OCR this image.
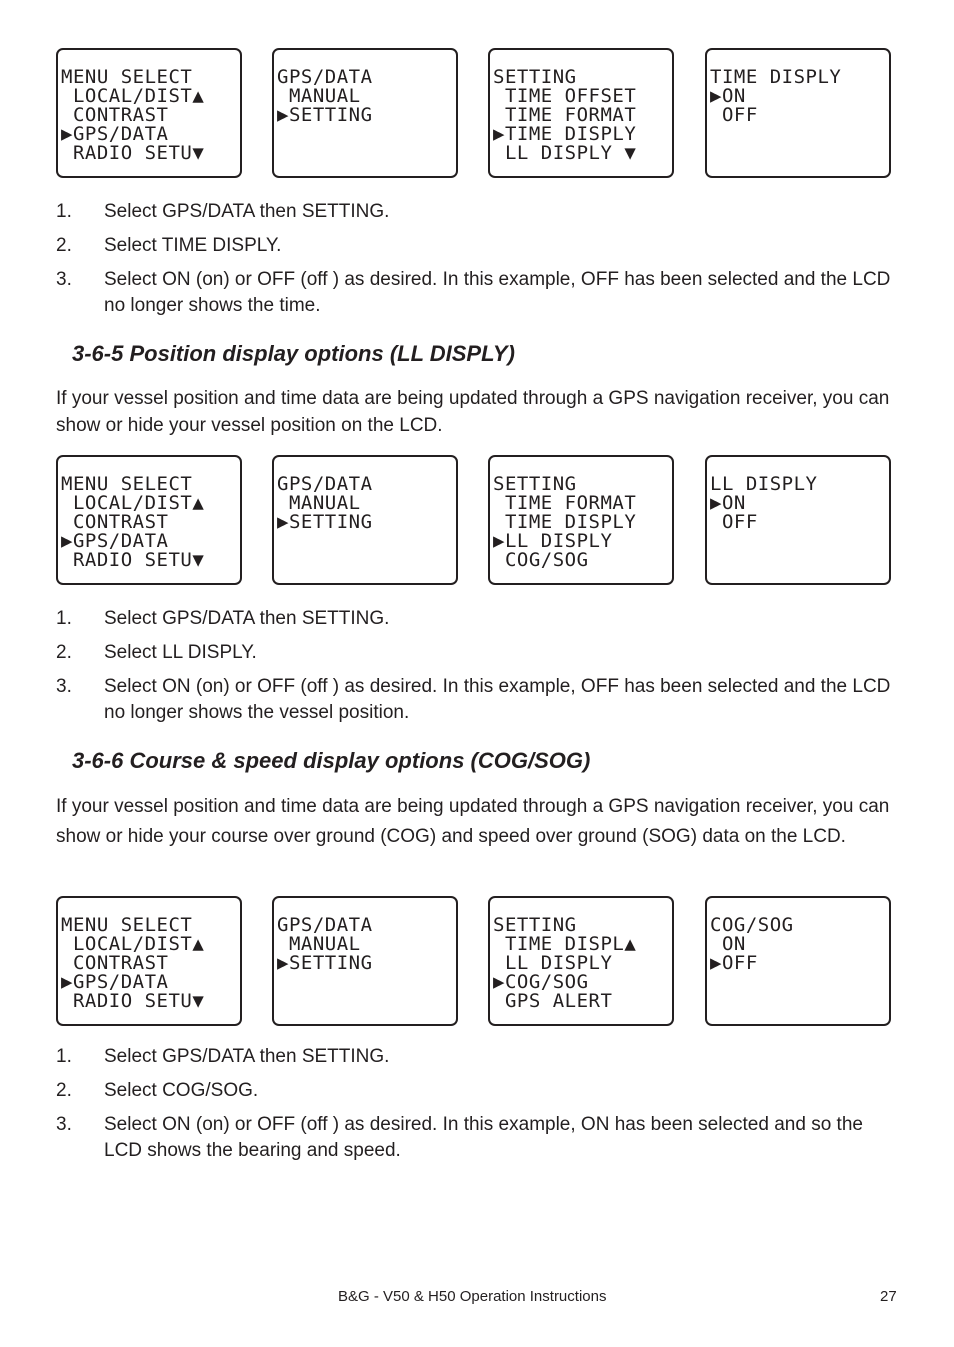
MENU SELECT
LOCAL/DIST▲
CONTRAST
▶GPS/DATA
RADIO SETU▼
GPS/DATA
MANUAL
▶SETTING
SETTING
TIME OFFSET
TIME FORMAT
▶TIME DISPLY
LL DISPLY ▼
TIME DISPLY
▶ON
OFF
1. Select GPS/DATA then SETTING.
2. Select TIME DISPLY.
3. Select ON (on) or OFF (off ) as desired. In this example, OFF has been selected and the LCD no longer shows the time.
3-6-5 Position display options (LL DISPLY)
If your vessel position and time data are being updated through a GPS navigation receiver, you can show or hide your vessel position on the LCD.
MENU SELECT
LOCAL/DIST▲
CONTRAST
▶GPS/DATA
RADIO SETU▼
GPS/DATA
MANUAL
▶SETTING
SETTING
TIME FORMAT
TIME DISPLY
▶LL DISPLY
COG/SOG
LL DISPLY
▶ON
OFF
1. Select GPS/DATA then SETTING.
2. Select LL DISPLY.
3. Select ON (on) or OFF (off ) as desired. In this example, OFF has been selected and the LCD no longer shows the vessel position.
3-6-6 Course & speed display options (COG/SOG)
If your vessel position and time data are being updated through a GPS navigation receiver, you can show or hide your course over ground (COG) and speed over ground (SOG) data on the LCD.
MENU SELECT
LOCAL/DIST▲
CONTRAST
▶GPS/DATA
RADIO SETU▼
GPS/DATA
MANUAL
▶SETTING
SETTING
TIME DISPL▲
LL DISPLY
▶COG/SOG
GPS ALERT
COG/SOG
ON
▶OFF
1. Select GPS/DATA then SETTING.
2. Select COG/SOG.
3. Select ON (on) or OFF (off ) as desired. In this example, ON has been selected and so the LCD shows the bearing and speed.
B&G - V50 & H50 Operation Instructions	27
